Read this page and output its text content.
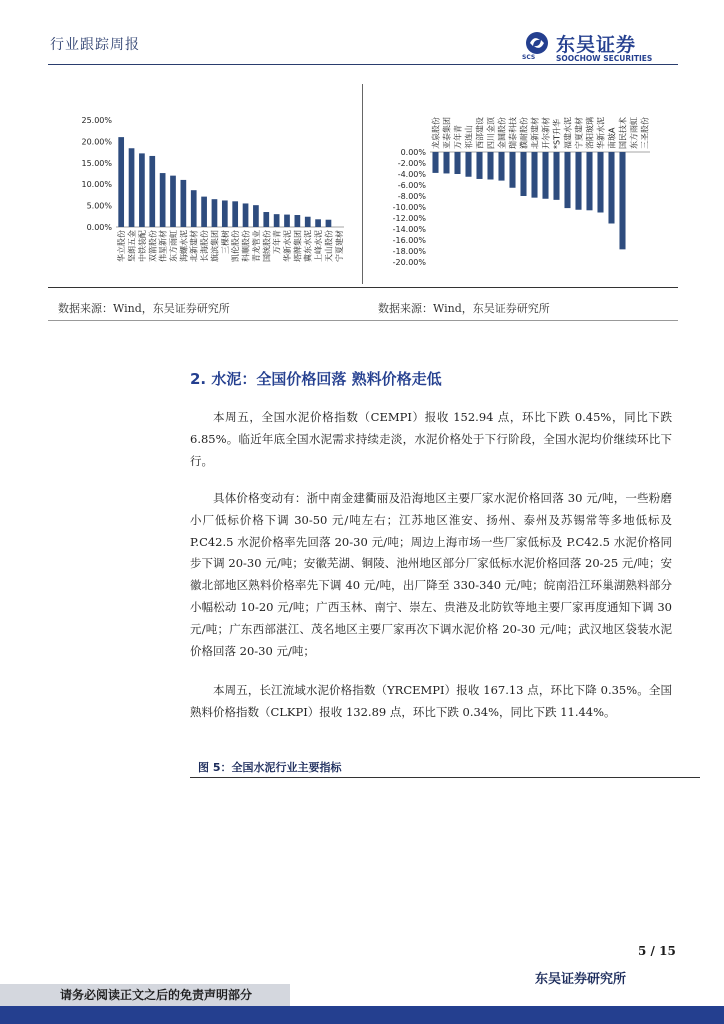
行业跟踪周报	东吴证券
SCS	SOOCHOW SECURITIES
25.00%
20.00%
15.00%
10.00%
5.00%
0.00%
华立股份 坚朗五金 中铁装配 双箭股份 伟星新材 东方雨虹 海螺水泥 北新建材 长海股份 旗滨集团 三棵树 凯伦股份 科顺股份 青龙管业 国统股份 万年青 华新水泥 塔牌集团 冀东水泥 上峰水泥 天山股份 宁夏建材
0.00%
-2.00%
-4.00%
-6.00%
-8.00%
-10.00%
-12.00%
-14.00%
-16.00%
-18.00%
-20.00%
龙泉股份 亚泰集团 万年青 祁连山 西部建设 四川金顶 金圆股份 瑞泰科技 濮耐股份 北新建材 开尔新材 *ST升华 福建水泥 宁夏建材 洛阳玻璃 华新水泥 南玻A 国民技术 东方雨虹 三圣股份
数据来源：Wind，东吴证券研究所	数据来源：Wind，东吴证券研究所
2. 水泥：全国价格回落 熟料价格走低
本周五，全国水泥价格指数（CEMPI）报收 152.94 点，环比下跌 0.45%，同比下跌 6.85%。临近年底全国水泥需求持续走淡，水泥价格处于下行阶段，全国水泥均价继续环比下行。
具体价格变动有：浙中南金建衢丽及沿海地区主要厂家水泥价格回落 30 元/吨，一些粉磨小厂低标价格下调 30-50 元/吨左右；江苏地区淮安、扬州、泰州及苏锡常等多地低标及 P.C42.5 水泥价格率先回落 20-30 元/吨；周边上海市场一些厂家低标及 P.C42.5 水泥价格同步下调 20-30 元/吨；安徽芜湖、铜陵、池州地区部分厂家低标水泥价格回落 20-25 元/吨；安徽北部地区熟料价格率先下调 40 元/吨，出厂降至 330-340 元/吨；皖南沿江环巢湖熟料部分小幅松动 10-20 元/吨；广西玉林、南宁、崇左、贵港及北防钦等地主要厂家再度通知下调 30 元/吨；广东西部湛江、茂名地区主要厂家再次下调水泥价格 20-30 元/吨；武汉地区袋装水泥价格回落 20-30 元/吨；
本周五，长江流域水泥价格指数（YRCEMPI）报收 167.13 点，环比下降 0.35%。全国熟料价格指数（CLKPI）报收 132.89 点，环比下跌 0.34%，同比下跌 11.44%。
图 5：全国水泥行业主要指标
5 / 15
东吴证券研究所
请务必阅读正文之后的免责声明部分
